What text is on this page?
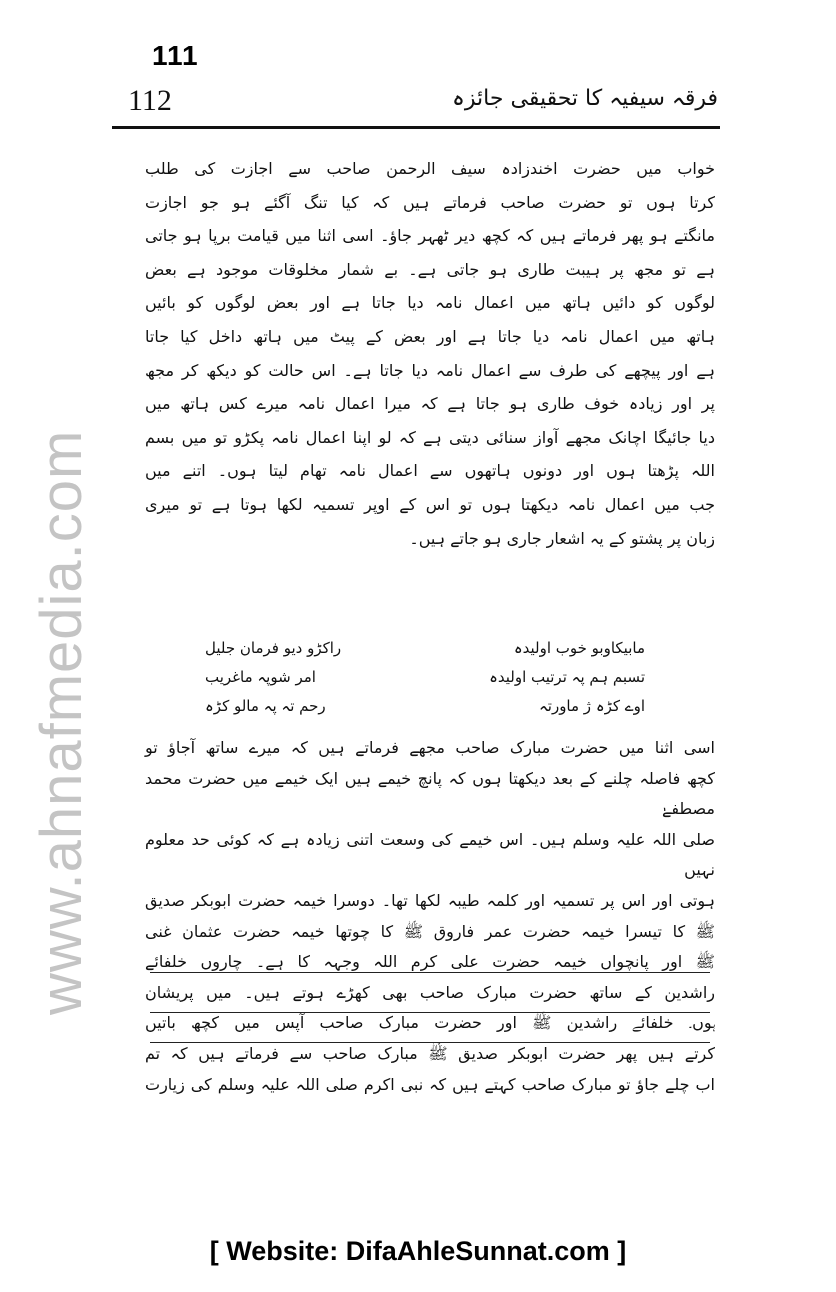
www.ahnafmedia.com
111
112	فرقہ سیفیہ کا تحقیقی جائزہ

خواب میں حضرت اخندزادہ سیف الرحمن صاحب سے اجازت کی طلب

کرتا ہوں تو حضرت صاحب فرماتے ہیں کہ کیا تنگ آگئے ہو جو اجازت

مانگتے ہو پھر فرماتے ہیں کہ کچھ دیر ٹھہر جاؤ۔ اسی اثنا میں قیامت برپا ہو جاتی

ہے تو مجھ پر ہیبت طاری ہو جاتی ہے۔ بے شمار مخلوقات موجود ہے بعض

لوگوں کو دائیں ہاتھ میں اعمال نامہ دیا جاتا ہے اور بعض لوگوں کو بائیں

ہاتھ میں اعمال نامہ دیا جاتا ہے اور بعض کے پیٹ میں ہاتھ داخل کیا جاتا

ہے اور پیچھے کی طرف سے اعمال نامہ دیا جاتا ہے۔ اس حالت کو دیکھ کر مجھ

پر اور زیادہ خوف طاری ہو جاتا ہے کہ میرا اعمال نامہ میرے کس ہاتھ میں

دیا جائیگا اچانک مجھے آواز سنائی دیتی ہے کہ لو اپنا اعمال نامہ پکڑو تو میں بسم

اللہ پڑھتا ہوں اور دونوں ہاتھوں سے اعمال نامہ تھام لیتا ہوں۔ اتنے میں

جب میں اعمال نامہ دیکھتا ہوں تو اس کے اوپر تسمیہ لکھا ہوتا ہے تو میری

زبان پر پشتو کے یہ اشعار جاری ہو جاتے ہیں۔

مابیکاوبو خوب اولیدہ
راکڑو دیو فرمان جلیل
تسبم ہم پہ ترتیب اولیدہ
امر شوپہ ماغریب
اوے کڑہ ژ ماورتہ
رحم تہ پہ مالو کڑہ

اسی اثنا میں حضرت مبارک صاحب مجھے فرماتے ہیں کہ میرے ساتھ آجاؤ تو

کچھ فاصلہ چلنے کے بعد دیکھتا ہوں کہ پانچ خیمے ہیں ایک خیمے میں حضرت محمد مصطفےٰ

صلی اللہ علیہ وسلم ہیں۔ اس خیمے کی وسعت اتنی زیادہ ہے کہ کوئی حد معلوم نہیں

ہوتی اور اس پر تسمیہ اور کلمہ طیبہ لکھا تھا۔ دوسرا خیمہ حضرت ابوبکر صدیق

ﷺ کا تیسرا خیمہ حضرت عمر فاروق ﷺ کا چوتھا خیمہ حضرت عثمان غنی

ﷺ اور پانچواں خیمہ حضرت علی کرم اللہ وجہہ کا ہے۔ چاروں خلفائے

راشدین کے ساتھ حضرت مبارک صاحب بھی کھڑے ہوتے ہیں۔ میں پریشان

ہوں۔ خلفائے راشدین ﷺ اور حضرت مبارک صاحب آپس میں کچھ باتیں

کرتے ہیں پھر حضرت ابوبکر صدیق ﷺ مبارک صاحب سے فرماتے ہیں کہ تم

اب چلے جاؤ تو مبارک صاحب کہتے ہیں کہ نبی اکرم صلی اللہ علیہ وسلم کی زیارت

[ Website: DifaAhleSunnat.com ]
